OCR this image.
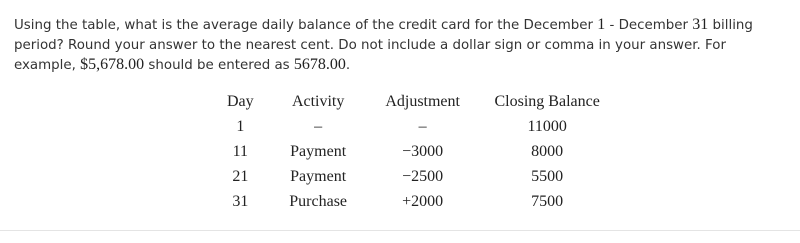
Using the table, what is the average daily balance of the credit card for the December 1 - December 31 billing period? Round your answer to the nearest cent. Do not include a dollar sign or comma in your answer. For example, $5,678.00 should be entered as 5678.00.
Day	Activity	Adjustment	Closing Balance
1	–	–	11000
11	Payment	−3000	8000
21	Payment	−2500	5500
31	Purchase	+2000	7500
